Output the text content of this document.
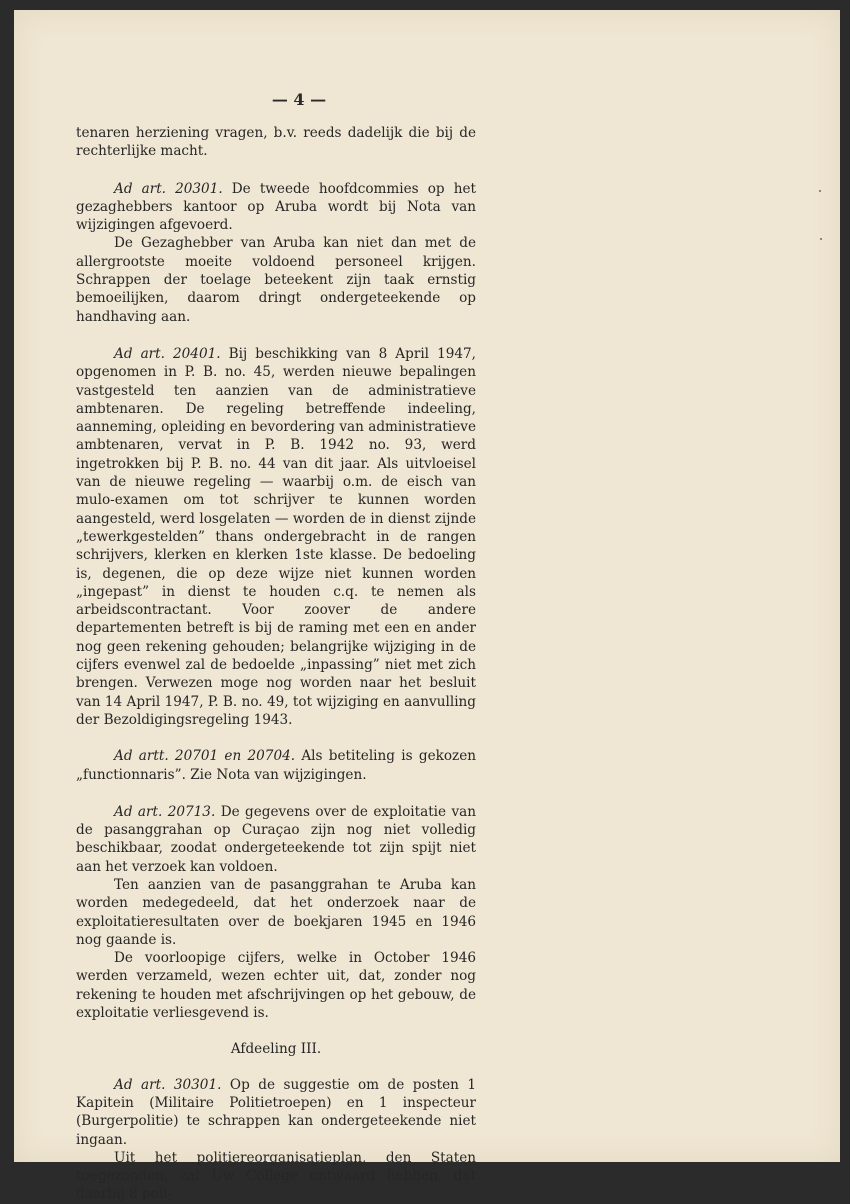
— 4 —

tenaren herziening vragen, b.v. reeds dadelijk die bij de rechterlijke macht.

Ad art. 20301. De tweede hoofdcommies op het gezaghebbers kantoor op Aruba wordt bij Nota van wijzigingen afgevoerd.

De Gezaghebber van Aruba kan niet dan met de allergrootste moeite voldoend personeel krijgen. Schrappen der toelage beteekent zijn taak ernstig bemoeilijken, daarom dringt ondergeteekende op handhaving aan.

Ad art. 20401. Bij beschikking van 8 April 1947, opgenomen in P. B. no. 45, werden nieuwe bepalingen vastgesteld ten aanzien van de administratieve ambtenaren. De regeling betreffende indeeling, aanneming, opleiding en bevordering van administratieve ambtenaren, vervat in P. B. 1942 no. 93, werd ingetrokken bij P. B. no. 44 van dit jaar. Als uitvloeisel van de nieuwe regeling — waarbij o.m. de eisch van mulo-examen om tot schrijver te kunnen worden aangesteld, werd losgelaten — worden de in dienst zijnde „tewerkgestelden” thans ondergebracht in de rangen schrijvers, klerken en klerken 1ste klasse. De bedoeling is, degenen, die op deze wijze niet kunnen worden „ingepast” in dienst te houden c.q. te nemen als arbeidscontractant. Voor zoover de andere departementen betreft is bij de raming met een en ander nog geen rekening gehouden; belangrijke wijziging in de cijfers evenwel zal de bedoelde „inpassing” niet met zich brengen. Verwezen moge nog worden naar het besluit van 14 April 1947, P. B. no. 49, tot wijziging en aanvulling der Bezoldigingsregeling 1943.

Ad artt. 20701 en 20704. Als betiteling is gekozen „functionnaris”. Zie Nota van wijzigingen.

Ad art. 20713. De gegevens over de exploitatie van de pasanggrahan op Curaçao zijn nog niet volledig beschikbaar, zoodat ondergeteekende tot zijn spijt niet aan het verzoek kan voldoen.

Ten aanzien van de pasanggrahan te Aruba kan worden medegedeeld, dat het onderzoek naar de exploitatieresultaten over de boekjaren 1945 en 1946 nog gaande is.

De voorloopige cijfers, welke in October 1946 werden verzameld, wezen echter uit, dat, zonder nog rekening te houden met afschrijvingen op het gebouw, de exploitatie verliesgevend is.

Afdeeling III.

Ad art. 30301. Op de suggestie om de posten 1 Kapitein (Militaire Politietroepen) en 1 inspecteur (Burgerpolitie) te schrappen kan ondergeteekende niet ingaan.

Uit het politiereorganisatieplan, den Staten toegezonden, zal Uw College ontwaard hebben, dat daarbij 8 poli-
